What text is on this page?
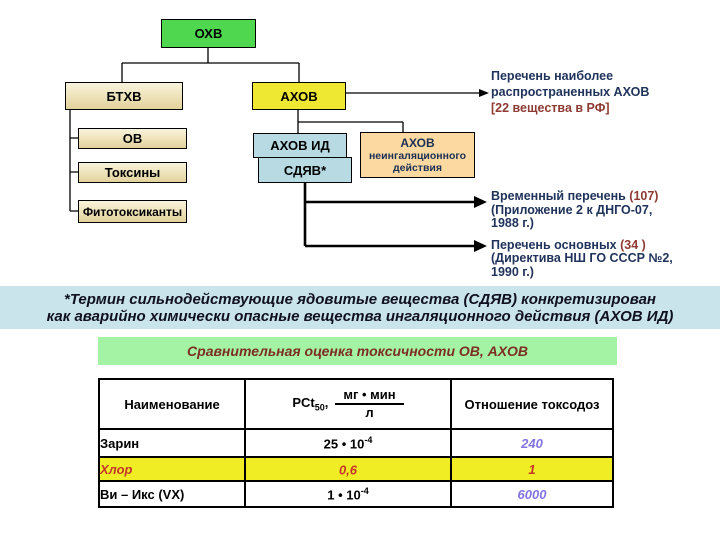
ОХВ
БТХВ
ОВ
Токсины
Фитотоксиканты
АХОВ
АХОВ ИД
СДЯВ*
АХОВ
неингаляционного действия
Перечень наиболее
распространенных АХОВ
[22 вещества в РФ]
Временный перечень (107)
(Приложение 2 к ДНГО-07,
1988 г.)
Перечень основных (34 )
(Директива НШ ГО СССР №2,
1990 г.)
*Термин сильнодействующие ядовитые вещества (СДЯВ) конкретизирован
как аварийно химически опасные вещества ингаляционного действия (АХОВ ИД)
Сравнительная оценка токсичности ОВ, АХОВ
Наименование	PCt$_{50}$, $\frac{\text{мг • мин}}{л}$	Отношение токсодоз
Зарин	25 • $10^{-4}$	240
Хлор	0,6	1
Ви – Икс (VX)	1 • $10^{-4}$	6000
